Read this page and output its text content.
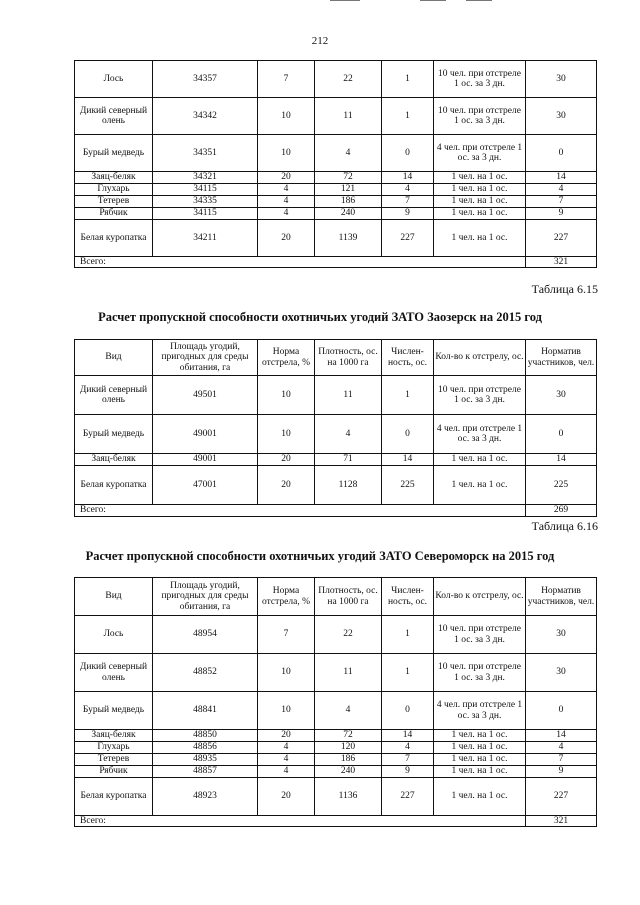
212
Лось	34357	7	22	1	10 чел. при отстреле 1 ос. за 3 дн.	30
Дикий северный олень	34342	10	11	1	10 чел. при отстреле 1 ос. за 3 дн.	30
Бурый медведь	34351	10	4	0	4 чел. при отстреле 1 ос. за 3 дн.	0
Заяц-беляк	34321	20	72	14	1 чел. на 1 ос.	14
Глухарь	34115	4	121	4	1 чел. на 1 ос.	4
Тетерев	34335	4	186	7	1 чел. на 1 ос.	7
Рябчик	34115	4	240	9	1 чел. на 1 ос.	9
Белая куропатка	34211	20	1139	227	1 чел. на 1 ос.	227
Всего:						321
Таблица 6.15
Расчет пропускной способности охотничьих угодий ЗАТО Заозерск на 2015 год
Вид	Площадь угодий, пригодных для среды обитания, га	Норма отстрела, %	Плотность, ос. на 1000 га	Числен-ность, ос.	Кол-во к отстрелу, ос.	Норматив участников, чел.
Дикий северный олень	49501	10	11	1	10 чел. при отстреле 1 ос. за 3 дн.	30
Бурый медведь	49001	10	4	0	4 чел. при отстреле 1 ос. за 3 дн.	0
Заяц-беляк	49001	20	71	14	1 чел. на 1 ос.	14
Белая куропатка	47001	20	1128	225	1 чел. на 1 ос.	225
Всего:						269
Таблица 6.16
Расчет пропускной способности охотничьих угодий ЗАТО Североморск на 2015 год
Вид	Площадь угодий, пригодных для среды обитания, га	Норма отстрела, %	Плотность, ос. на 1000 га	Числен-ность, ос.	Кол-во к отстрелу, ос.	Норматив участников, чел.
Лось	48954	7	22	1	10 чел. при отстреле 1 ос. за 3 дн.	30
Дикий северный олень	48852	10	11	1	10 чел. при отстреле 1 ос. за 3 дн.	30
Бурый медведь	48841	10	4	0	4 чел. при отстреле 1 ос. за 3 дн.	0
Заяц-беляк	48850	20	72	14	1 чел. на 1 ос.	14
Глухарь	48856	4	120	4	1 чел. на 1 ос.	4
Тетерев	48935	4	186	7	1 чел. на 1 ос.	7
Рябчик	48857	4	240	9	1 чел. на 1 ос.	9
Белая куропатка	48923	20	1136	227	1 чел. на 1 ос.	227
Всего:						321
